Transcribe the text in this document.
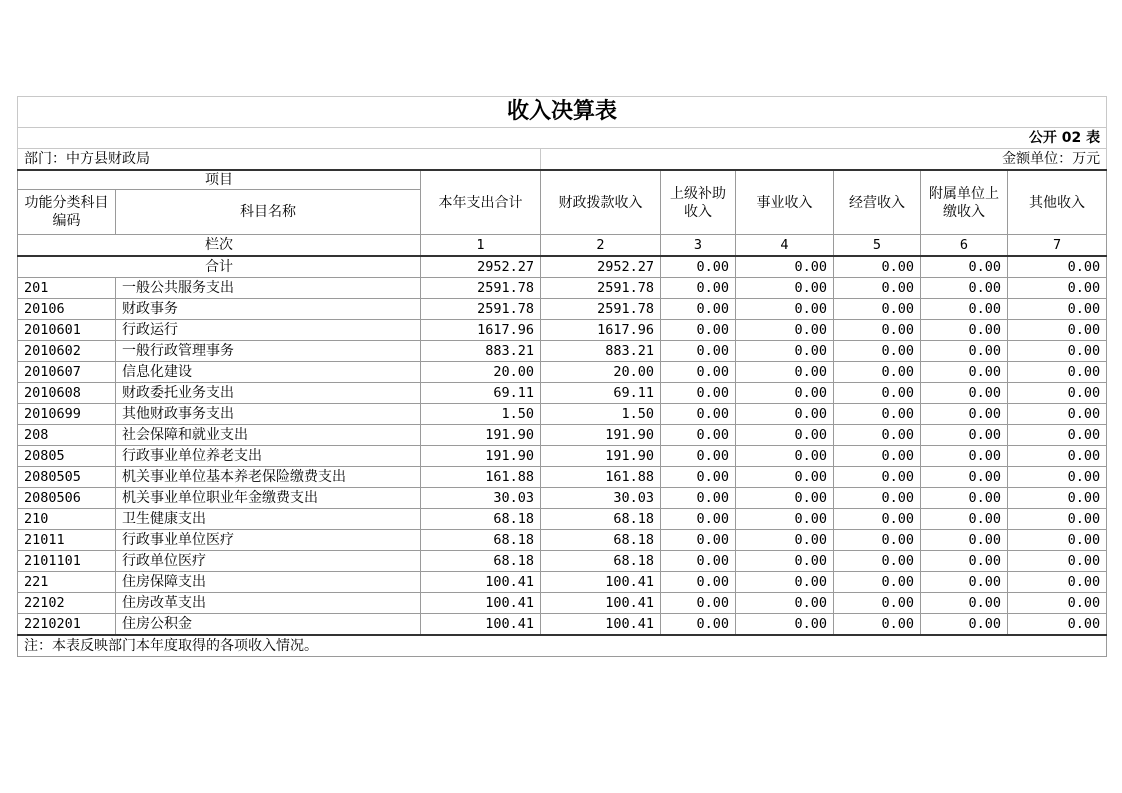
收入决算表								
公开 02 表								
部门：中方县财政局			金额单位：万元					
项目		本年支出合计	财政拨款收入	上级补助收入	事业收入	经营收入	附属单位上缴收入	其他收入
功能分类科目编码	科目名称							
栏次		1	2	3	4	5	6	7
合计		2952.27	2952.27	0.00	0.00	0.00	0.00	0.00
201	一般公共服务支出	2591.78	2591.78	0.00	0.00	0.00	0.00	0.00
20106	财政事务	2591.78	2591.78	0.00	0.00	0.00	0.00	0.00
2010601	行政运行	1617.96	1617.96	0.00	0.00	0.00	0.00	0.00
2010602	一般行政管理事务	883.21	883.21	0.00	0.00	0.00	0.00	0.00
2010607	信息化建设	20.00	20.00	0.00	0.00	0.00	0.00	0.00
2010608	财政委托业务支出	69.11	69.11	0.00	0.00	0.00	0.00	0.00
2010699	其他财政事务支出	1.50	1.50	0.00	0.00	0.00	0.00	0.00
208	社会保障和就业支出	191.90	191.90	0.00	0.00	0.00	0.00	0.00
20805	行政事业单位养老支出	191.90	191.90	0.00	0.00	0.00	0.00	0.00
2080505	机关事业单位基本养老保险缴费支出	161.88	161.88	0.00	0.00	0.00	0.00	0.00
2080506	机关事业单位职业年金缴费支出	30.03	30.03	0.00	0.00	0.00	0.00	0.00
210	卫生健康支出	68.18	68.18	0.00	0.00	0.00	0.00	0.00
21011	行政事业单位医疗	68.18	68.18	0.00	0.00	0.00	0.00	0.00
2101101	行政单位医疗	68.18	68.18	0.00	0.00	0.00	0.00	0.00
221	住房保障支出	100.41	100.41	0.00	0.00	0.00	0.00	0.00
22102	住房改革支出	100.41	100.41	0.00	0.00	0.00	0.00	0.00
2210201	住房公积金	100.41	100.41	0.00	0.00	0.00	0.00	0.00
注：本表反映部门本年度取得的各项收入情况。								
